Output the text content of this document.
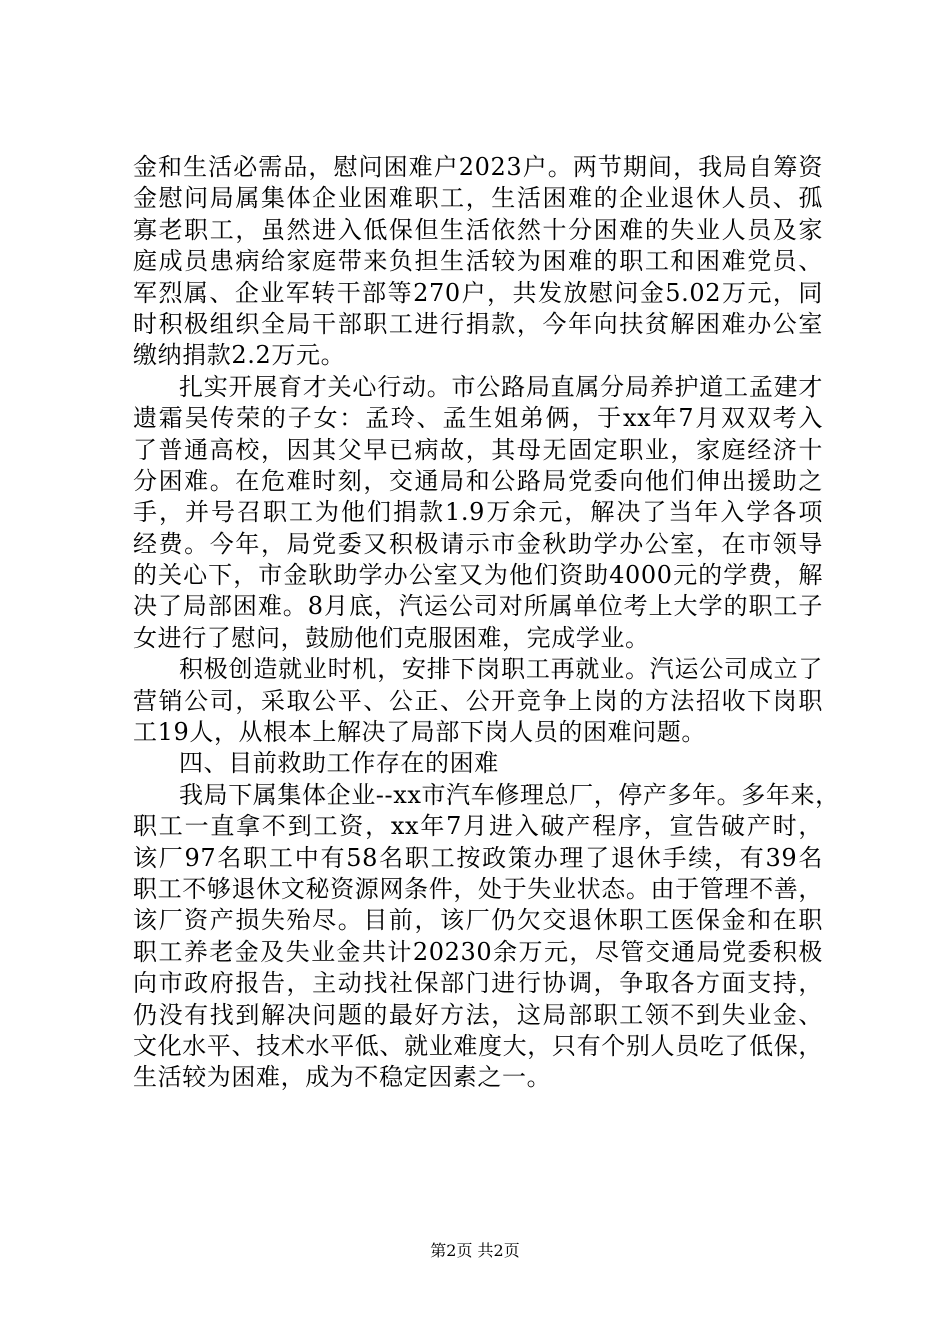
金和生活必需品，慰问困难户2023户。两节期间，我局自筹资
金慰问局属集体企业困难职工，生活困难的企业退休人员、孤
寡老职工，虽然进入低保但生活依然十分困难的失业人员及家
庭成员患病给家庭带来负担生活较为困难的职工和困难党员、
军烈属、企业军转干部等270户，共发放慰问金5.02万元，同
时积极组织全局干部职工进行捐款，今年向扶贫解困难办公室
缴纳捐款2.2万元。
扎实开展育才关心行动。市公路局直属分局养护道工孟建才
遗霜吴传荣的子女：孟玲、孟生姐弟俩，于xx年7月双双考入
了普通高校，因其父早已病故，其母无固定职业，家庭经济十
分困难。在危难时刻，交通局和公路局党委向他们伸出援助之
手，并号召职工为他们捐款1.9万余元，解决了当年入学各项
经费。今年，局党委又积极请示市金秋助学办公室，在市领导
的关心下，市金耿助学办公室又为他们资助4000元的学费，解
决了局部困难。8月底，汽运公司对所属单位考上大学的职工子
女进行了慰问，鼓励他们克服困难，完成学业。
积极创造就业时机，安排下岗职工再就业。汽运公司成立了
营销公司，采取公平、公正、公开竞争上岗的方法招收下岗职
工19人，从根本上解决了局部下岗人员的困难问题。
四、目前救助工作存在的困难
我局下属集体企业--xx市汽车修理总厂，停产多年。多年来，
职工一直拿不到工资，xx年7月进入破产程序，宣告破产时，
该厂97名职工中有58名职工按政策办理了退休手续，有39名
职工不够退休文秘资源网条件，处于失业状态。由于管理不善，
该厂资产损失殆尽。目前，该厂仍欠交退休职工医保金和在职
职工养老金及失业金共计20230余万元，尽管交通局党委积极
向市政府报告，主动找社保部门进行协调，争取各方面支持，
仍没有找到解决问题的最好方法，这局部职工领不到失业金、
文化水平、技术水平低、就业难度大，只有个别人员吃了低保，
生活较为困难，成为不稳定因素之一。
第2页 共2页
